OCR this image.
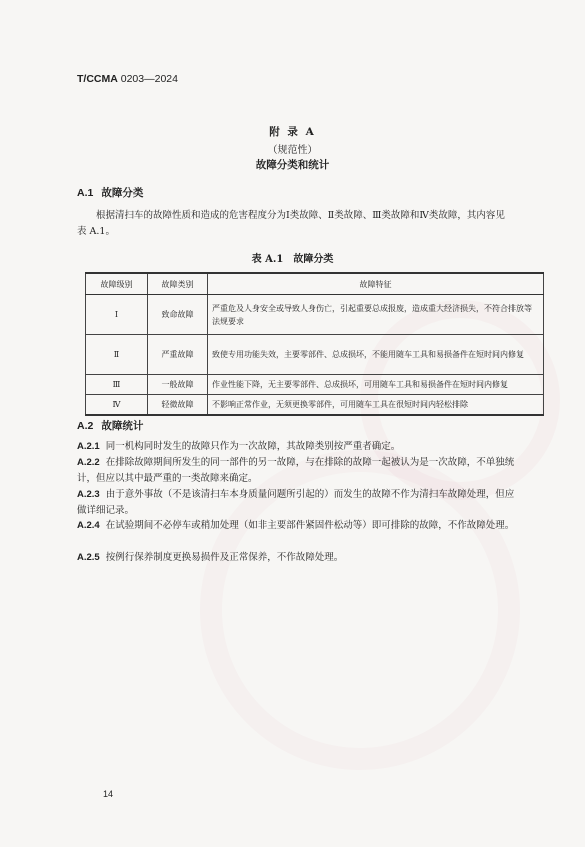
T/CCMA 0203—2024
附 录 A
（规范性）
故障分类和统计
A.1 故障分类
根据清扫车的故障性质和造成的危害程度分为Ⅰ类故障、Ⅱ类故障、Ⅲ类故障和Ⅳ类故障，其内容见表 A.1。
表 A.1　故障分类
故障级别	故障类别	故障特征
Ⅰ	致命故障	严重危及人身安全或导致人身伤亡，引起重要总成报废，造成重大经济损失，不符合排放等法规要求
Ⅱ	严重故障	致使专用功能失效，主要零部件、总成损坏，不能用随车工具和易损备件在短时间内修复
Ⅲ	一般故障	作业性能下降，无主要零部件、总成损坏，可用随车工具和易损备件在短时间内修复
Ⅳ	轻微故障	不影响正常作业，无须更换零部件，可用随车工具在很短时间内轻松排除
A.2 故障统计
A.2.1 同一机构同时发生的故障只作为一次故障，其故障类别按严重者确定。
A.2.2 在排除故障期间所发生的同一部件的另一故障，与在排除的故障一起被认为是一次故障，不单独统计，但应以其中最严重的一类故障来确定。
A.2.3 由于意外事故（不是该清扫车本身质量问题所引起的）而发生的故障不作为清扫车故障处理，但应做详细记录。
A.2.4 在试验期间不必停车或稍加处理（如非主要部件紧固件松动等）即可排除的故障，不作故障处理。
A.2.5 按例行保养制度更换易损件及正常保养，不作故障处理。
14
